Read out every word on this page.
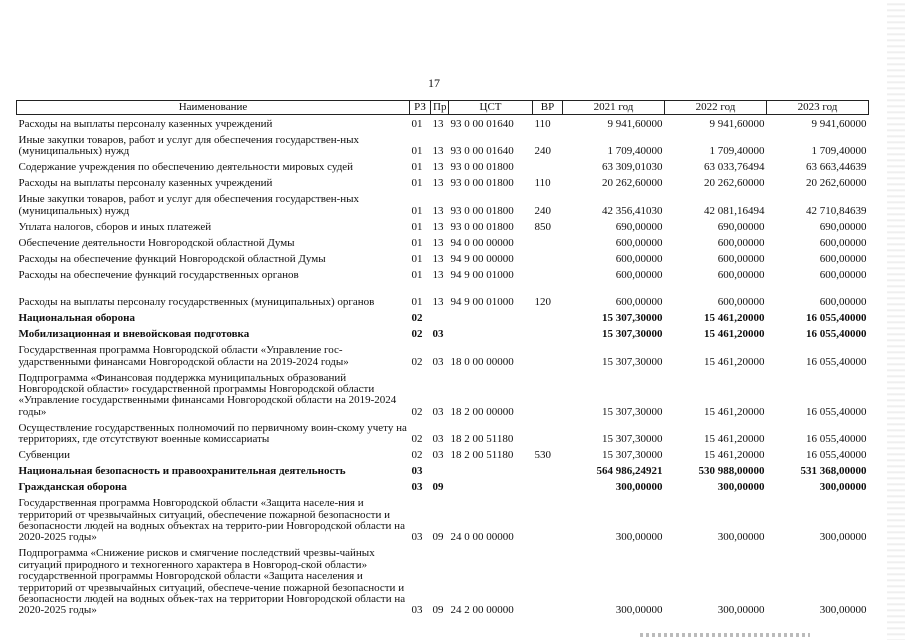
17
Наименование	РЗ	Пр	ЦСТ	ВР	2021 год	2022 год	2023 год
Расходы на выплаты персоналу казенных учреждений	01	13	93 0 00 01640	110	9 941,60000	9 941,60000	9 941,60000
Иные закупки товаров, работ и услуг для обеспечения государствен-ных (муниципальных) нужд	01	13	93 0 00 01640	240	1 709,40000	1 709,40000	1 709,40000
Содержание учреждения по обеспечению деятельности мировых судей	01	13	93 0 00 01800		63 309,01030	63 033,76494	63 663,44639
Расходы на выплаты персоналу казенных учреждений	01	13	93 0 00 01800	110	20 262,60000	20 262,60000	20 262,60000
Иные закупки товаров, работ и услуг для обеспечения государствен-ных (муниципальных) нужд	01	13	93 0 00 01800	240	42 356,41030	42 081,16494	42 710,84639
Уплата налогов, сборов и иных платежей	01	13	93 0 00 01800	850	690,00000	690,00000	690,00000
Обеспечение деятельности Новгородской областной Думы	01	13	94 0 00 00000		600,00000	600,00000	600,00000
Расходы на обеспечение функций Новгородской областной Думы	01	13	94 9 00 00000		600,00000	600,00000	600,00000
Расходы на обеспечение функций государственных органов	01	13	94 9 00 01000		600,00000	600,00000	600,00000
Расходы на выплаты персоналу государственных (муниципальных) органов	01	13	94 9 00 01000	120	600,00000	600,00000	600,00000
Национальная оборона	02				15 307,30000	15 461,20000	16 055,40000
Мобилизационная и вневойсковая подготовка	02	03			15 307,30000	15 461,20000	16 055,40000
Государственная программа Новгородской области «Управление гос-ударственными финансами Новгородской области на 2019-2024 годы»	02	03	18 0 00 00000		15 307,30000	15 461,20000	16 055,40000
Подпрограмма «Финансовая поддержка муниципальных образований Новгородской области» государственной программы Новгородской области «Управление государственными финансами Новгородской области на 2019-2024 годы»	02	03	18 2 00 00000		15 307,30000	15 461,20000	16 055,40000
Осуществление государственных полномочий по первичному воин-скому учету на территориях, где отсутствуют военные комиссариаты	02	03	18 2 00 51180		15 307,30000	15 461,20000	16 055,40000
Субвенции	02	03	18 2 00 51180	530	15 307,30000	15 461,20000	16 055,40000
Национальная безопасность и правоохранительная деятельность	03				564 986,24921	530 988,00000	531 368,00000
Гражданская оборона	03	09			300,00000	300,00000	300,00000
Государственная программа Новгородской области «Защита населе-ния и территорий от чрезвычайных ситуаций, обеспечение пожарной безопасности и безопасности людей на водных объектах на террито-рии Новгородской области на 2020-2025 годы»	03	09	24 0 00 00000		300,00000	300,00000	300,00000
Подпрограмма «Снижение рисков и смягчение последствий чрезвы-чайных ситуаций природного и техногенного характера в Новгород-ской области» государственной программы Новгородской области «Защита населения и территорий от чрезвычайных ситуаций, обеспече-чение пожарной безопасности и безопасности людей на водных объек-тах на территории Новгородской области на 2020-2025 годы»	03	09	24 2 00 00000		300,00000	300,00000	300,00000
